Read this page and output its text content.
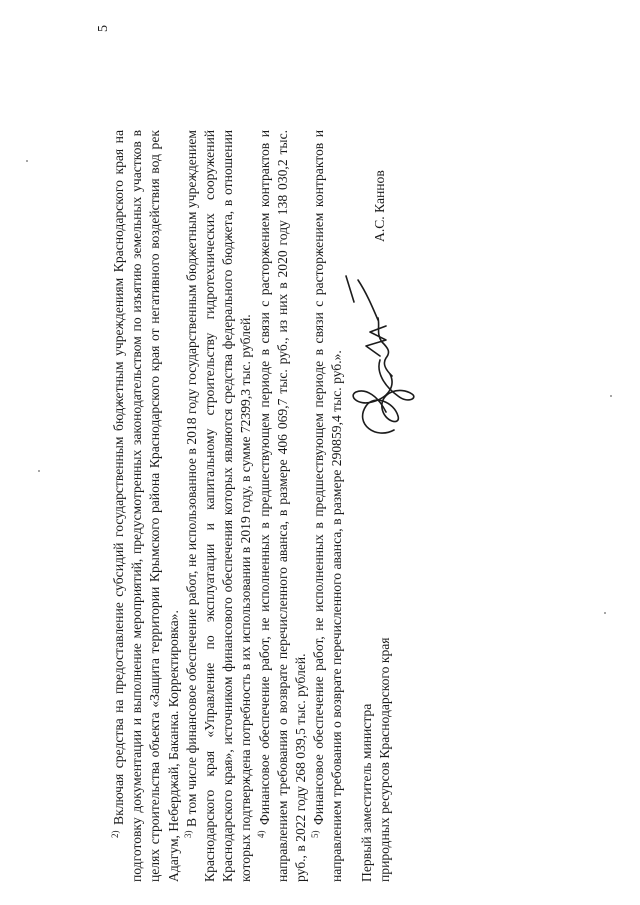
5

$^{2)}$ Включая средства на предоставление субсидий государственным бюджетным учреждениям Краснодарского края на подготовку документации и выполнение мероприятий, предусмотренных законодательством по изъятию земельных участков в целях строительства объекта «Защита территории Крымского района Краснодарского края от негативного воздействия вод рек Адагум, Неберджай, Баканка. Корректировка». $^{3)}$ В том числе финансовое обеспечение работ, не использованное в 2018 году государственным бюджетным учреждением Краснодарского края «Управление по эксплуатации и капитальному строительству гидротехнических сооружений Краснодарского края», источником финансового обеспечения которых являются средства федерального бюджета, в отношении которых подтверждена потребность в их использовании в 2019 году, в сумме 72399,3 тыс. рублей. $^{4)}$ Финансовое обеспечение работ, не исполненных в предшествующем периоде в связи с расторжением контрактов и направлением требования о возврате перечисленного аванса, в размере 406 069,7 тыс. руб., из них в 2020 году 138 030,2 тыс. руб., в 2022 году 268 039,5 тыс. рублей. $^{5)}$ Финансовое обеспечение работ, не исполненных в предшествующем периоде в связи с расторжением контрактов и направлением требования о возврате перечисленного аванса, в размере 290859,4 тыс. руб.». Первый заместитель министра природных ресурсов Краснодарского края
А.С. Каннов
